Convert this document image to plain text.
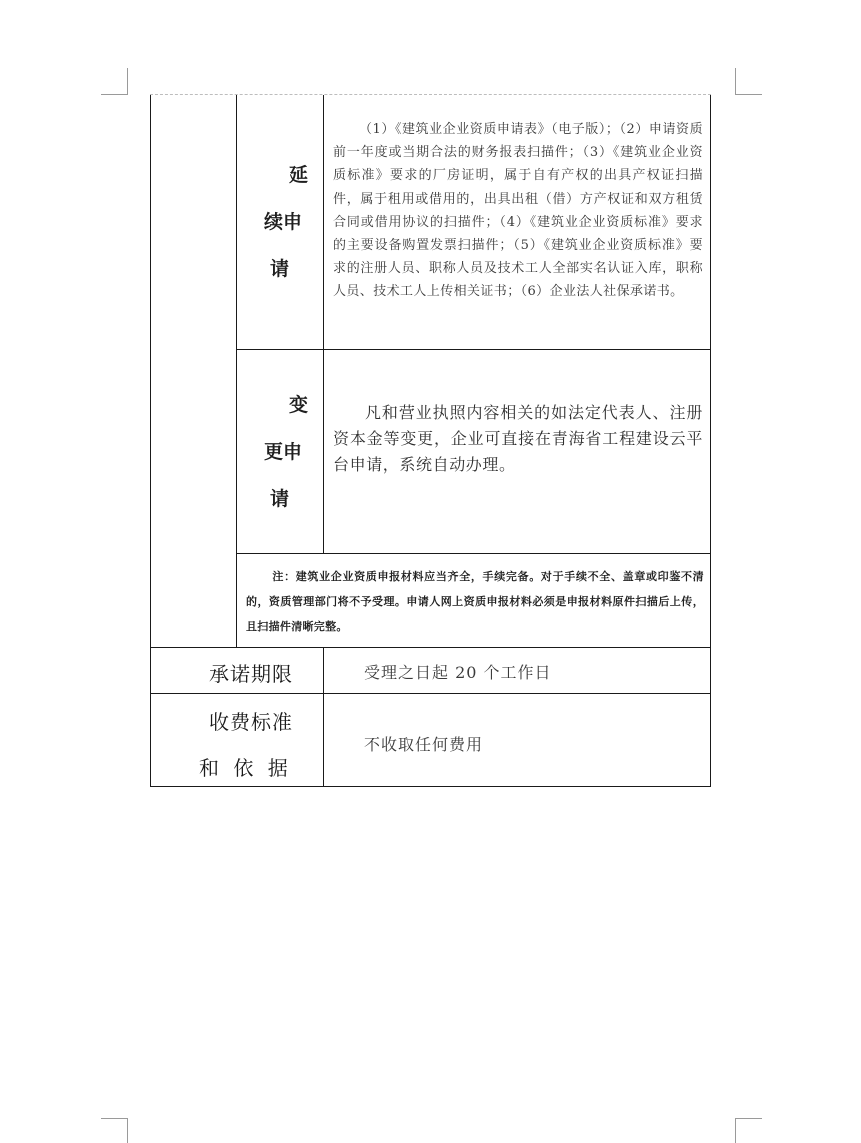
延
续申
请

（1）《建筑业企业资质申请表》（电子版）；（2）申请资质前一年度或当期合法的财务报表扫描件；（3）《建筑业企业资质标准》要求的厂房证明，属于自有产权的出具产权证扫描件，属于租用或借用的，出具出租（借）方产权证和双方租赁合同或借用协议的扫描件；（4）《建筑业企业资质标准》要求的主要设备购置发票扫描件；（5）《建筑业企业资质标准》要求的注册人员、职称人员及技术工人全部实名认证入库，职称人员、技术工人上传相关证书；（6）企业法人社保承诺书。

变
更申
请

凡和营业执照内容相关的如法定代表人、注册资本金等变更，企业可直接在青海省工程建设云平台申请，系统自动办理。

注：建筑业企业资质申报材料应当齐全，手续完备。对于手续不全、盖章或印鉴不清的，资质管理部门将不予受理。申请人网上资质申报材料必须是申报材料原件扫描后上传，且扫描件清晰完整。

承诺期限	受理之日起 20 个工作日
收费标准
和 依 据
不收取任何费用
